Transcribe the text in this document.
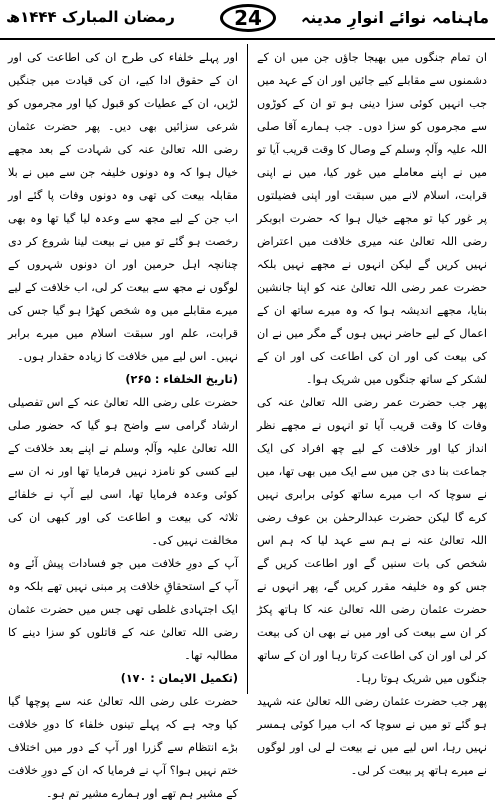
ماہنامہ نوائے انوارِ مدینہ
24
رمضان المبارک ۱۴۴۴ھ

ان تمام جنگوں میں بھیجا جاؤں جن میں ان کے دشمنوں سے مقابلے کیے جائیں اور ان کے عہد میں جب انہیں کوئی سزا دینی ہو تو ان کے کوڑوں سے مجرموں کو سزا دوں۔ جب ہمارے آقا صلی اللہ علیہ وآلہٖ وسلم کے وصال کا وقت قریب آیا تو میں نے اپنے معاملے میں غور کیا، میں نے اپنی قرابت، اسلام لانے میں سبقت اور اپنی فضیلتوں پر غور کیا تو مجھے خیال ہوا کہ حضرت ابوبکر رضی اللہ تعالیٰ عنہ میری خلافت میں اعتراض نہیں کریں گے لیکن انہوں نے مجھے نہیں بلکہ حضرت عمر رضی اللہ تعالیٰ عنہ کو اپنا جانشین بنایا، مجھے اندیشہ ہوا کہ وہ میرے ساتھ ان کے اعمال کے لیے حاضر نہیں ہوں گے مگر میں نے ان کی بیعت کی اور ان کی اطاعت کی اور ان کے لشکر کے ساتھ جنگوں میں شریک ہوا۔

پھر جب حضرت عمر رضی اللہ تعالیٰ عنہ کی وفات کا وقت قریب آیا تو انہوں نے مجھے نظر انداز کیا اور خلافت کے لیے چھ افراد کی ایک جماعت بنا دی جن میں سے ایک میں بھی تھا، میں نے سوچا کہ اب میرے ساتھ کوئی برابری نہیں کرے گا لیکن حضرت عبدالرحمٰن بن عوف رضی اللہ تعالیٰ عنہ نے ہم سے عہد لیا کہ ہم اس شخص کی بات سنیں گے اور اطاعت کریں گے جس کو وہ خلیفہ مقرر کریں گے، پھر انہوں نے حضرت عثمان رضی اللہ تعالیٰ عنہ کا ہاتھ پکڑ کر ان سے بیعت کی اور میں نے بھی ان کی بیعت کر لی اور ان کی اطاعت کرتا رہا اور ان کے ساتھ جنگوں میں شریک ہوتا رہا۔

پھر جب حضرت عثمان رضی اللہ تعالیٰ عنہ شہید ہو گئے تو میں نے سوچا کہ اب میرا کوئی ہمسر نہیں رہا، اس لیے میں نے بیعت لے لی اور لوگوں نے میرے ہاتھ پر بیعت کر لی۔

اور پہلے خلفاء کی طرح ان کی اطاعت کی اور ان کے حقوق ادا کیے، ان کی قیادت میں جنگیں لڑیں، ان کے عطیات کو قبول کیا اور مجرموں کو شرعی سزائیں بھی دیں۔ پھر حضرت عثمان رضی اللہ تعالیٰ عنہ کی شہادت کے بعد مجھے خیال ہوا کہ وہ دونوں خلیفہ جن سے میں نے بلا مقابلہ بیعت کی تھی وہ دونوں وفات پا گئے اور اب جن کے لیے مجھ سے وعدہ لیا گیا تھا وہ بھی رخصت ہو گئے تو میں نے بیعت لینا شروع کر دی چنانچہ اہل حرمین اور ان دونوں شہروں کے لوگوں نے مجھ سے بیعت کر لی، اب خلافت کے لیے میرے مقابلے میں وہ شخص کھڑا ہو گیا جس کی قرابت، علم اور سبقت اسلام میں میرے برابر نہیں۔ اس لیے میں خلافت کا زیادہ حقدار ہوں۔

(تاریخ الخلفاء : ۲۶۵)

حضرت علی رضی اللہ تعالیٰ عنہ کے اس تفصیلی ارشاد گرامی سے واضح ہو گیا کہ حضور صلی اللہ تعالیٰ علیہ وآلہٖ وسلم نے اپنے بعد خلافت کے لیے کسی کو نامزد نہیں فرمایا تھا اور نہ ان سے کوئی وعدہ فرمایا تھا، اسی لیے آپ نے خلفائے ثلاثہ کی بیعت و اطاعت کی اور کبھی ان کی مخالفت نہیں کی۔

آپ کے دورِ خلافت میں جو فسادات پیش آئے وہ آپ کے استحقاقِ خلافت پر مبنی نہیں تھے بلکہ وہ ایک اجتہادی غلطی تھی جس میں حضرت عثمان رضی اللہ تعالیٰ عنہ کے قاتلوں کو سزا دینے کا مطالبہ تھا۔

(تکمیل الایمان : ۱۷۰)

حضرت علی رضی اللہ تعالیٰ عنہ سے پوچھا گیا کیا وجہ ہے کہ پہلے تینوں خلفاء کا دورِ خلافت بڑے انتظام سے گزرا اور آپ کے دور میں اختلاف ختم نہیں ہوا؟ آپ نے فرمایا کہ ان کے دورِ خلافت کے مشیر ہم تھے اور ہمارے مشیر تم ہو۔
